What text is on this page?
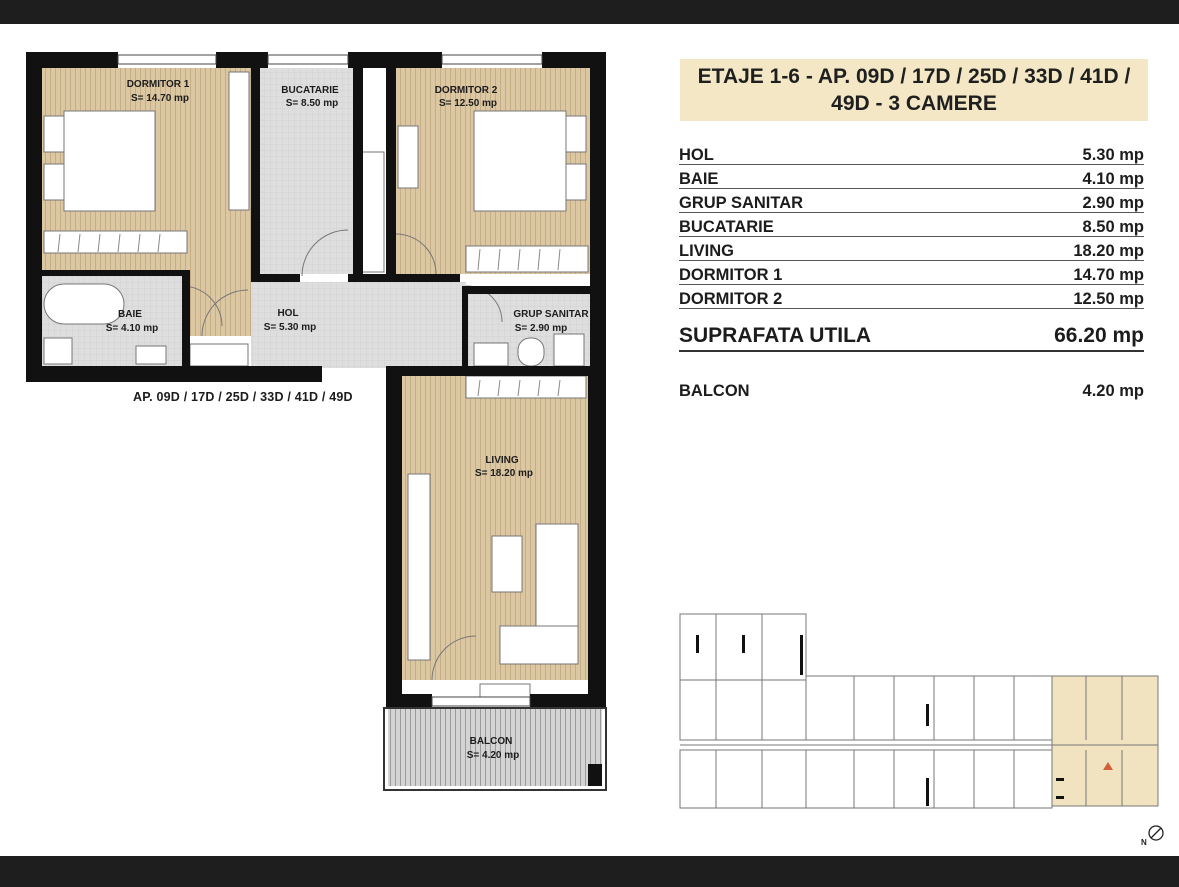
DORMITOR 1
S= 14.70 mp
BUCATARIE
S= 8.50 mp
DORMITOR 2
S= 12.50 mp
BAIE
S= 4.10 mp
HOL
S= 5.30 mp
GRUP SANITAR
S= 2.90 mp
LIVING
S= 18.20 mp
BALCON
S= 4.20 mp
AP. 09D / 17D / 25D / 33D / 41D / 49D
ETAJE 1-6 - AP. 09D / 17D / 25D / 33D / 41D / 49D - 3 CAMERE
HOL	5.30 mp
BAIE	4.10 mp
GRUP SANITAR	2.90 mp
BUCATARIE	8.50 mp
LIVING	18.20 mp
DORMITOR 1	14.70 mp
DORMITOR 2	12.50 mp
SUPRAFATA UTILA	66.20 mp
BALCON	4.20 mp
N
